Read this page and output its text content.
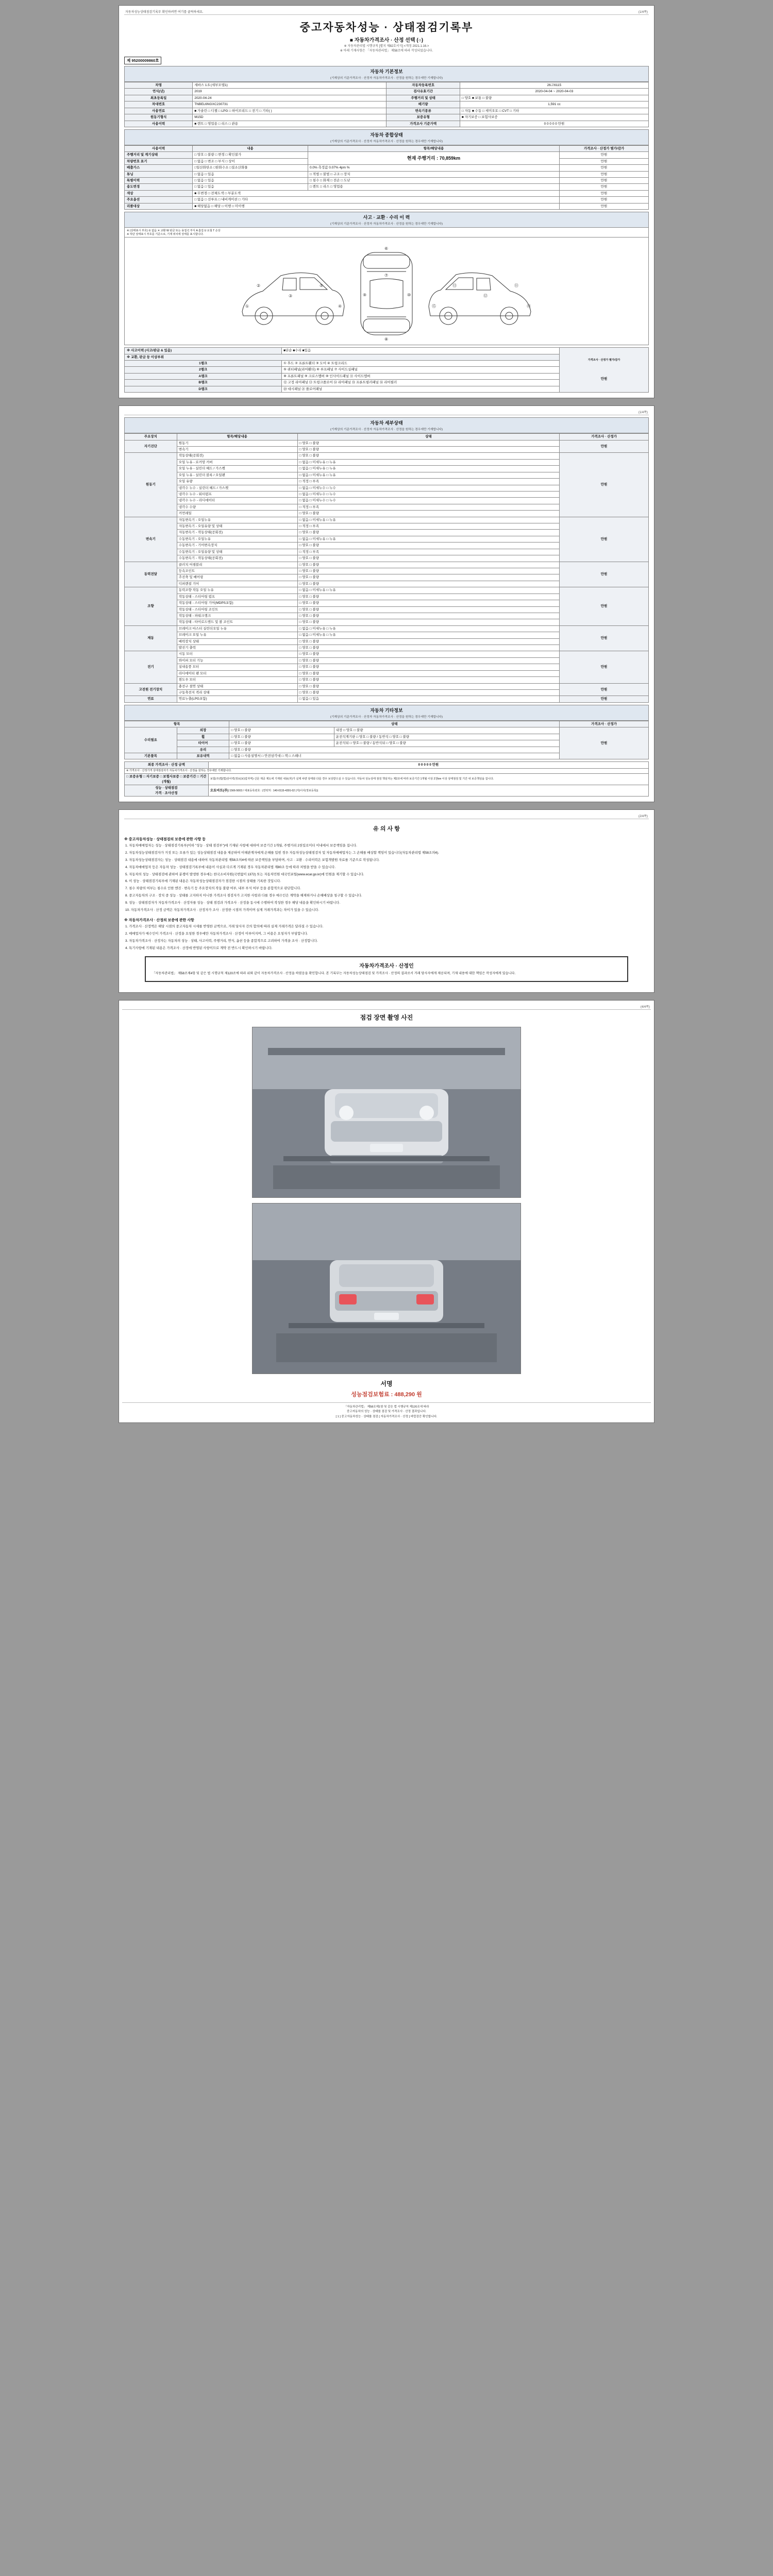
자동차성능상태점검기록부 확인하려면 여기를 클릭하세요.	(1/4쪽)
중고자동차성능 · 상태점검기록부
■ 자동차가격조사 · 산정 선택 (○)
※ 자동차관리법 시행규칙 [별지 제82호서식] <개정 2021.1.16.>
※ 아래 기재사항은 「자동차관리법」 제58조에 따라 작성되었습니다.
제 95200009860호
자동차 기본정보
(기재상의 기준가격조사 · 산정자 자동차가격조사 · 산정을 원하는 경우에만 기재합니다)
차명	세바스 1.5 (세부모델1)	자동차등록번호	26고6115
연식(년)	2019	검사유효기간	2020-04-04 ~ 2020-04-03
최초등록일	2020-04-24	주행거리 및 상태	□ 양호 ■ 보통 □ 불량
차대번호	TNBEL6NGXC230731	배기량	1,591 cc
사용연료	■ 가솔린 □ 디젤 □ LPG □ 하이브리드 □ 전기 □ 기타( )	변속기종류	□ 자동 ■ 수동 □ 세미오토 □ CVT □ 기타
원동기형식	M15D	보증유형	■ 자기보증 □ 보험사보증
사용이력	■ 렌트 □ 영업용 □ 리스 □ 관용	가격조사 기준가액	0 0 0 0 0 만원
자동차 종합상태
(기재상의 기준가격조사 · 산정자 자동차가격조사 · 산정을 원하는 경우에만 기재합니다)
사용이력	내용	항목/해당내용	가격조사 · 산정가 별가/감가
주행거리 및 계기상태	□ 양호 □ 불량 □ 변경 □ 확인불가	현재 주행거리 : 70,859km	만원
차량번호 표기	□ 없음 □ 변조 □ 부식 □ 상이		만원
배출가스	□일산화탄소 □탄화수소 □질소산화물	0.0% 측정값 0.07% 4pm %	만원
튜닝	□ 없음 □ 있음	□ 적법 □ 불법 □ 구조 □ 장치	만원
특별이력	□ 없음 □ 있음	□ 침수 □ 화재 □ 전손 □ 도난	만원
용도변경	□ 없음 □ 있음	□ 렌트 □ 리스 □ 영업용	만원
색상	■ 무변경 □ 전체도색 □ 부분도색		만원
주요옵션	□ 없음 □ 선루프 □ 내비게이션 □ 기타		만원
리콜대상	■ 해당없음 □ 해당 □ 이행 □ 미이행		만원
사고 · 교환 · 수리 이 력
(기재상의 기준가격조사 · 산정자 자동차가격조사 · 산정을 원하는 경우에만 기재합니다)
※ (상태표시 부호) ① 없음 ✕ 교환 W 판금 또는 용접 C 부식 A 흠집 U 요철 T 손상
※ 하단 상태표시 부호를 기준으로, 기재 위치에 상태를 표시합니다.
②
③
⑤
①	④
⑥
⑦
⑧
⑨	⑩
⑪
⑫
⑬
⑭
⑮
※ 사고이력 (사고/판금 & 있음)	■단순 ■수리 ■있음	가격조사 · 산정가 별가/감가
만원

※ 교환, 판금 등 이상부위		
1랭크	① 후드 ② 프론트휀더 ③ 도어 ④ 트렁크리드	
2랭크	⑤ 쿼터패널(리어휀더) ⑥ 루프패널 ⑦ 사이드실패널	
A랭크	⑧ 프론트패널 ⑨ 크로스멤버 ⑩ 인사이드패널 ⑪ 사이드멤버	
B랭크	⑫ 고정 리어패널 ⑬ 트렁크플로어 ⑭ 리어패널 ⑮ 프론트필러패널 ⑯ 리어필러	
D랭크	⑳ 대시패널 ㉑ 플로어패널	

(1/4쪽)
자동차 세부상태
(기재상의 기준가격조사 · 산정자 자동차가격조사 · 산정을 원하는 경우에만 기재합니다)
주요장치	항목/해당내용	상태	가격조사 · 산정가
자기진단	원동기	□ 양호 □ 불량	만원
	변속기	□ 양호 □ 불량	
원동기	작동상태(공회전)	□ 양호 □ 불량	만원
	오일 누유 - 로커암 커버	□ 없음 □ 미세누유 □ 누유	
	오일 누유 - 실린더 헤드 / 가스켓	□ 없음 □ 미세누유 □ 누유	
	오일 누유 - 실린더 블록 / 오일팬	□ 없음 □ 미세누유 □ 누유	
	오일 유량	□ 적정 □ 부족	
	냉각수 누수 - 실린더 헤드 / 가스켓	□ 없음 □ 미세누수 □ 누수	
	냉각수 누수 - 워터펌프	□ 없음 □ 미세누수 □ 누수	
	냉각수 누수 - 라디에이터	□ 없음 □ 미세누수 □ 누수	
	냉각수 수량	□ 적정 □ 부족	
	커먼레일	□ 양호 □ 불량	
변속기	자동변속기 - 오일누유	□ 없음 □ 미세누유 □ 누유	만원
	자동변속기 - 오일유량 및 상태	□ 적정 □ 부족	
	자동변속기 - 작동상태(공회전)	□ 양호 □ 불량	
	수동변속기 - 오일누유	□ 없음 □ 미세누유 □ 누유	
	수동변속기 - 기어변속장치	□ 양호 □ 불량	
	수동변속기 - 오일유량 및 상태	□ 적정 □ 부족	
	수동변속기 - 작동상태(공회전)	□ 양호 □ 불량	
동력전달	클러치 어셈블리	□ 양호 □ 불량	만원
	등속조인트	□ 양호 □ 불량	
	추진축 및 베어링	□ 양호 □ 불량	
	디퍼렌셜 기어	□ 양호 □ 불량	
조향	동력조향 작동 오일 누유	□ 없음 □ 미세누유 □ 누유	만원
	작동상태 - 스티어링 펌프	□ 양호 □ 불량	
	작동상태 - 스티어링 기어(MDPS포함)	□ 양호 □ 불량	
	작동상태 - 스티어링 조인트	□ 양호 □ 불량	
	작동상태 - 파워크랭크	□ 양호 □ 불량	
	작동상태 - 타이로드엔드 및 볼 조인트	□ 양호 □ 불량	
제동	브레이크 마스터 실린더오일 누유	□ 없음 □ 미세누유 □ 누유	만원
	브레이크 오일 누유	□ 없음 □ 미세누유 □ 누유	
	배력장치 상태	□ 양호 □ 불량	
	발진기 출력	□ 양호 □ 불량	
전기	시동 모터	□ 양호 □ 불량	만원
	와이퍼 모터 기능	□ 양호 □ 불량	
	실내송풍 모터	□ 양호 □ 불량	
	라디에이터 팬 모터	□ 양호 □ 불량	
	윈도우 모터	□ 양호 □ 불량	
고전원 전기장치	충전구 절연 상태	□ 양호 □ 불량	만원
	구동축전지 격리 상태	□ 양호 □ 불량	
연료	연료누출(LPG포함)	□ 없음 □ 있음	만원
자동차 기타정보
(기재상의 기준가격조사 · 산정자 자동차가격조사 · 산정을 원하는 경우에만 기재합니다)
항목		상태		가격조사 · 산정가
수리필요	외장	□ 양호 □ 불량	내장 □ 양호 □ 불량	만원
	휠	□ 양호 □ 불량	운전석계기판 □ 양호 □ 불량 / 동반석 □ 양호 □ 불량	
	타이어	□ 양호 □ 불량	운전석뒤 □ 양호 □ 불량 / 동반석뒤 □ 양호 □ 불량	
	유리	□ 양호 □ 불량		
기본품목	보유내역	□ 없음 □ 사용설명서 □ 안전삼각대 □ 잭 □ 스패너		
최종 가격조사 · 산정 금액	0 0 0 0 0 만원
※ 가격조사 · 산정가격 상태점검자가 자동차가격조사 · 산정을 원하는 경우에만 기재합니다.	
□ 보증유형 □ 자기보증 □ 보험사보증 □ 보증기간 □ 기간(개월)	보험(주)법(법)상이력(정보(보)업자역)·신문 제공 제도에 기재된 내용(자)가 실제 차량 상태와 다를 경우 보상받으실 수 있습니다. 자동차 성능상태 점검 책임자는 제2조에 따라 보증기간 1개월 이상 2천km 이상 상태점검 및 기간 내 보증책임을 집니다.
성능 · 상태점검
가격 · 조사산정	오토마트(주) 1566-5003 / 대표등록번호 : (연락처 : 140-0115-4391-02 (자)이사(정보등록))

(2/4쪽)
유 의 사 항
※ 중고자동차성능 · 상태점검의 보증에 관한 사항 등

1. 자동차매매업자는 성능 · 상태점검기록부(이하 "성능 · 상태 점검부")에 기재된 사항에 대하여 보증기간 1개월, 주행거리 2천킬로미터 이내에서 보증책임을 집니다.

2. 자동차성능상태점검자가 거짓 또는 오류가 있는 성능상태점검 내용을 제공하여 이해관계자에게 손해를 입힌 경우 자동차성능상태점검자 및 자동차매매업자는 그 손해를 배상할 책임이 있습니다(자동차관리법 제58조의4).

3. 자동차성능상태점검자는 성능 · 상태점검 내용에 대하여 자동차관리법 제58조의4에 따른 보증책임을 부담하며, 사고 · 교환 · 수리이력은 보험개발원 자료를 기준으로 작성됩니다.

4. 자동차매매업자 등은 자동차 성능 · 상태점검기록부에 내용이 사실과 다르게 기재된 경우 자동차관리법 제80조 등에 따라 처벌을 받을 수 있습니다.

5. 자동차의 성능 · 상태점검에 관하여 분쟁이 발생한 경우에는 한국소비자원(국번없이 1372) 또는 자동차민원 대국민포털(www.ecar.go.kr)에 민원을 제기할 수 있습니다.

6. 이 성능 · 상태점검기록부에 기재된 내용은 자동차성능상태점검자가 점검한 시점의 상태를 기록한 것입니다.

7. 침수 차량의 여부는 침수로 인한 엔진 · 변속기 등 주요장치의 작동 불량 여부, 내부 부식 여부 등을 종합적으로 판단합니다.

8. 중고자동차의 구조 · 장치 중 성능 · 상태를 고지하지 아니한 가격조사 점검자가 고지한 사항과 다를 경우 매수인은 계약을 해제하거나 손해배상을 청구할 수 있습니다.

9. 성능 · 상태점검자가 자동차가격조사 · 산정자를 성능 · 상태 점검과 가격조사 · 산정을 동시에 수행하여 작성한 경우 해당 내용을 확인하시기 바랍니다.

10. 자동차가격조사 · 산정 금액은 자동차가격조사 · 산정자가 조사 · 산정한 시점의 가격이며 실제 거래가격과는 차이가 있을 수 있습니다.

※ 자동차가격조사 · 산정의 보증에 관한 사항

1. 가격조사 · 산정액은 해당 시점의 중고자동차 시세를 반영한 금액으로, 거래 당사자 간의 합의에 따라 실제 거래가격은 달라질 수 있습니다.

2. 매매업자가 매수인이 가격조사 · 산정을 요청한 경우에만 자동차가격조사 · 산정이 이루어지며, 그 비용은 요청자가 부담합니다.

3. 자동차가격조사 · 산정자는 자동차의 성능 · 상태, 사고이력, 주행거리, 연식, 옵션 등을 종합적으로 고려하여 가격을 조사 · 산정합니다.

4. 특기사항에 기재된 내용은 가격조사 · 산정에 반영된 사항이므로 계약 전 반드시 확인하시기 바랍니다.

자동차가격조사 · 산정인
「자동차관리법」 제58조제4항 및 같은 법 시행규칙 제120조에 따라 위와 같이 자동차가격조사 · 산정을 하였음을 확인합니다. 본 기록부는 자동차성능상태점검 및 가격조사 · 산정의 결과로서 거래 당사자에게 제공되며, 기재 내용에 대한 책임은 작성자에게 있습니다.

(4/4쪽)
점검 장면 촬영 사진
서명
성능점검보험료 : 488,290 원
「자동차관리법」 제58조제1항 및 같은 법 시행규칙 제120조에 따라
중고자동차의 성능 · 상태를 점검 및 가격조사 · 산정 결과입니다.
[ 1 ] 중고자동차성능 · 상태를 점검 [ 자동차가격조사 · 산정 ] 바랍검증 확인합니다.
